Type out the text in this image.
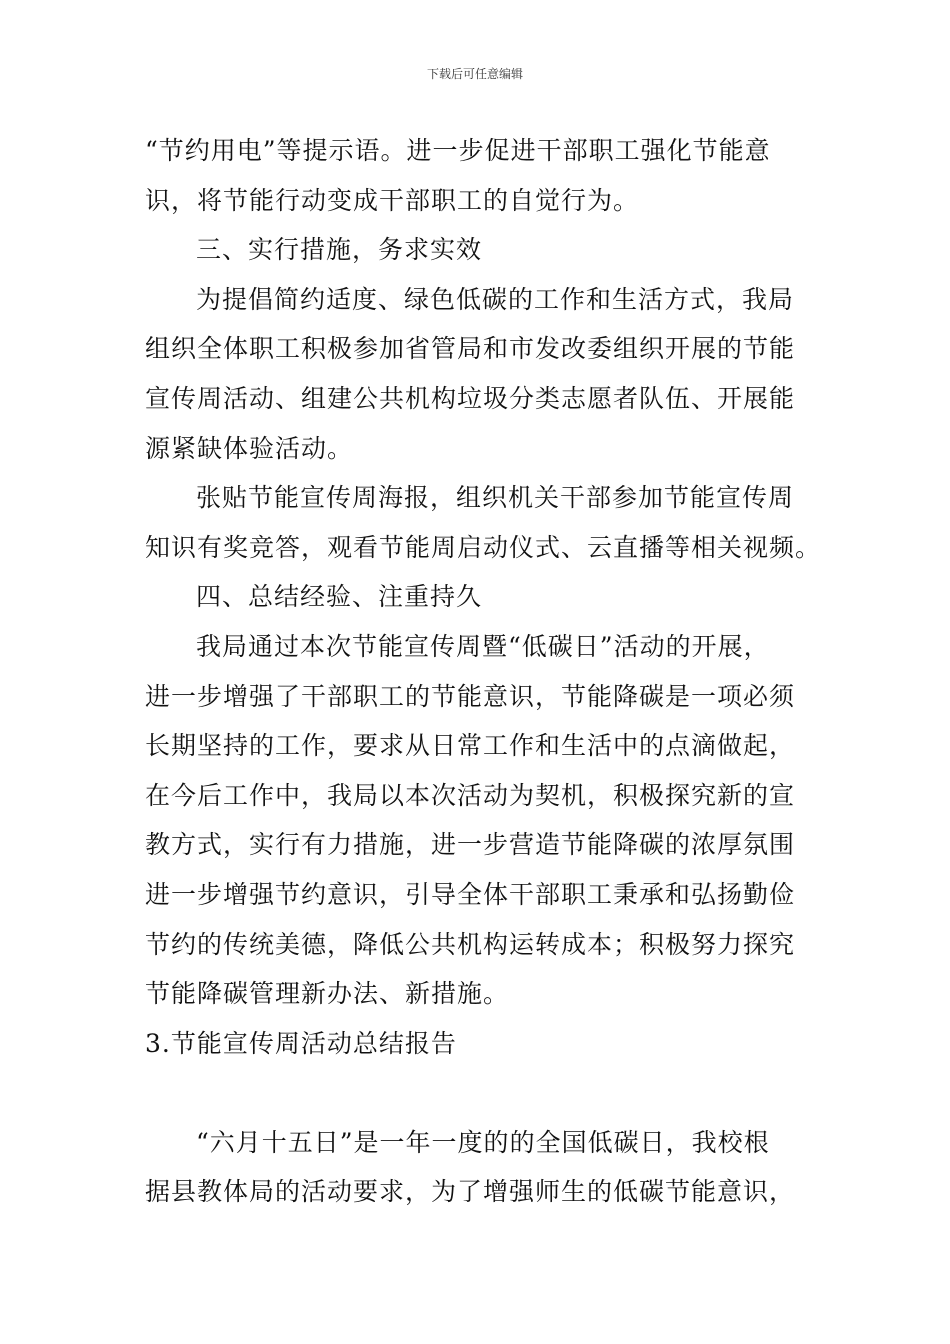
下载后可任意编辑
“节约用电”等提示语。进一步促进干部职工强化节能意
识，将节能行动变成干部职工的自觉行为。
三、实行措施，务求实效
为提倡简约适度、绿色低碳的工作和生活方式，我局
组织全体职工积极参加省管局和市发改委组织开展的节能
宣传周活动、组建公共机构垃圾分类志愿者队伍、开展能
源紧缺体验活动。
张贴节能宣传周海报，组织机关干部参加节能宣传周
知识有奖竞答，观看节能周启动仪式、云直播等相关视频。
四、总结经验、注重持久
我局通过本次节能宣传周暨“低碳日”活动的开展，
进一步增强了干部职工的节能意识，节能降碳是一项必须
长期坚持的工作，要求从日常工作和生活中的点滴做起，
在今后工作中，我局以本次活动为契机，积极探究新的宣
教方式，实行有力措施，进一步营造节能降碳的浓厚氛围
进一步增强节约意识，引导全体干部职工秉承和弘扬勤俭
节约的传统美德，降低公共机构运转成本；积极努力探究
节能降碳管理新办法、新措施。
3.节能宣传周活动总结报告
“六月十五日”是一年一度的的全国低碳日，我校根
据县教体局的活动要求，为了增强师生的低碳节能意识，
